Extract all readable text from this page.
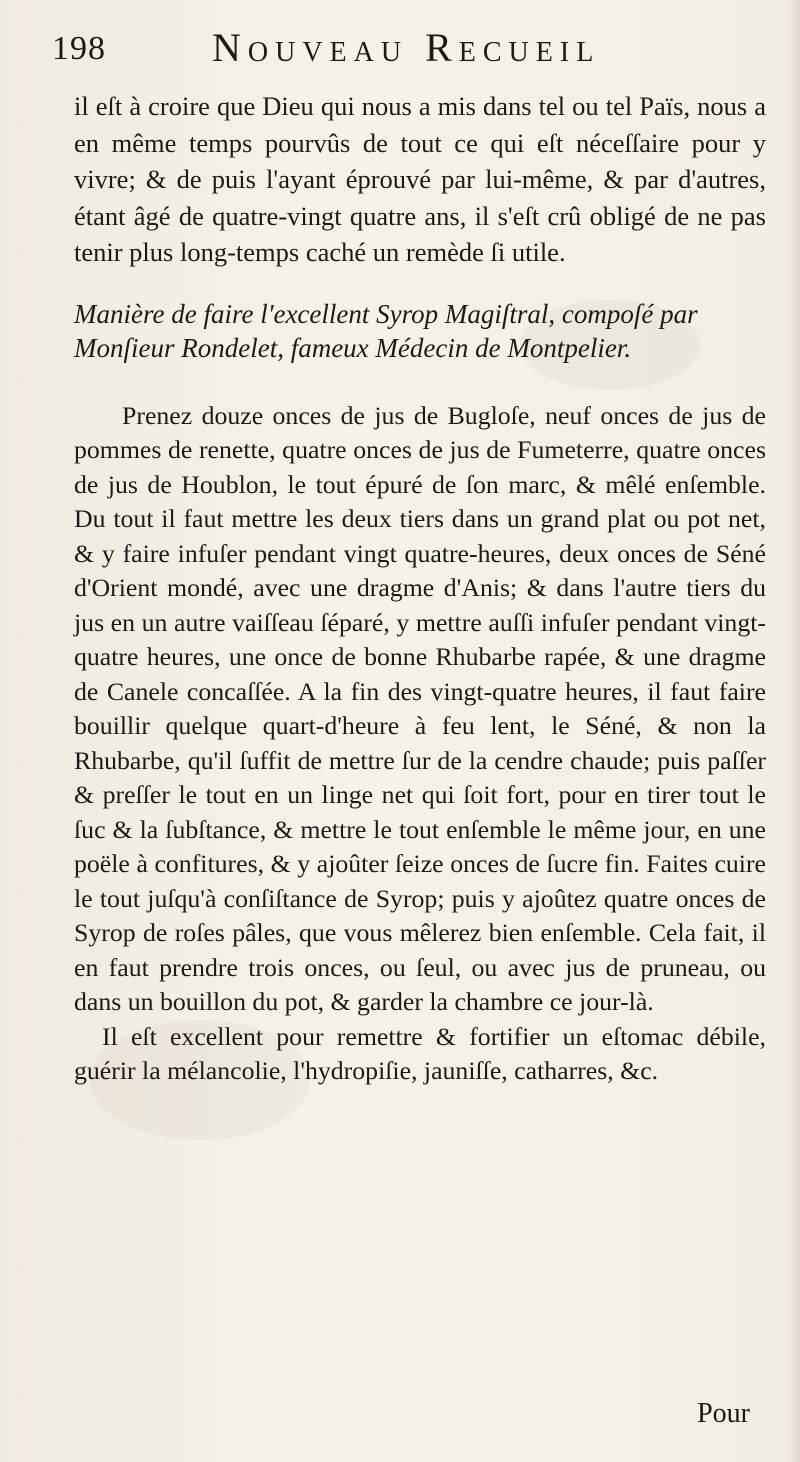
198	Nouveau Recueil

il eſt à croire que Dieu qui nous a mis dans tel ou tel Païs, nous a en même temps pourvûs de tout ce qui eſt néceſſaire pour y vivre; & de puis l'ayant éprouvé par lui-même, & par d'autres, étant âgé de quatre-vingt quatre ans, il s'eſt crû obligé de ne pas tenir plus long-temps caché un remède ſi utile.

Manière de faire l'excellent Syrop Magiſtral, compoſé par Monſieur Rondelet, fameux Médecin de Montpelier.

Prenez douze onces de jus de Bugloſe, neuf onces de jus de pommes de renette, quatre onces de jus de Fumeterre, quatre onces de jus de Houblon, le tout épuré de ſon marc, & mêlé enſemble. Du tout il faut mettre les deux tiers dans un grand plat ou pot net, & y faire infuſer pendant vingt quatre-heures, deux onces de Séné d'Orient mondé, avec une dragme d'Anis; & dans l'autre tiers du jus en un autre vaiſſeau ſéparé, y mettre auſſi infuſer pendant vingt-quatre heures, une once de bonne Rhubarbe rapée, & une dragme de Canele concaſſée. A la fin des vingt-quatre heures, il faut faire bouillir quelque quart-d'heure à feu lent, le Séné, & non la Rhubarbe, qu'il ſuffit de mettre ſur de la cendre chaude; puis paſſer & preſſer le tout en un linge net qui ſoit fort, pour en tirer tout le ſuc & la ſubſtance, & mettre le tout enſemble le même jour, en une poële à confitures, & y ajoûter ſeize onces de ſucre fin. Faites cuire le tout juſqu'à conſiſtance de Syrop; puis y ajoûtez quatre onces de Syrop de roſes pâles, que vous mêlerez bien enſemble. Cela fait, il en faut prendre trois onces, ou ſeul, ou avec jus de pruneau, ou dans un bouillon du pot, & garder la chambre ce jour-là.

Il eſt excellent pour remettre & fortifier un eſtomac débile, guérir la mélancolie, l'hydropiſie, jauniſſe, catharres, &c.

Pour
